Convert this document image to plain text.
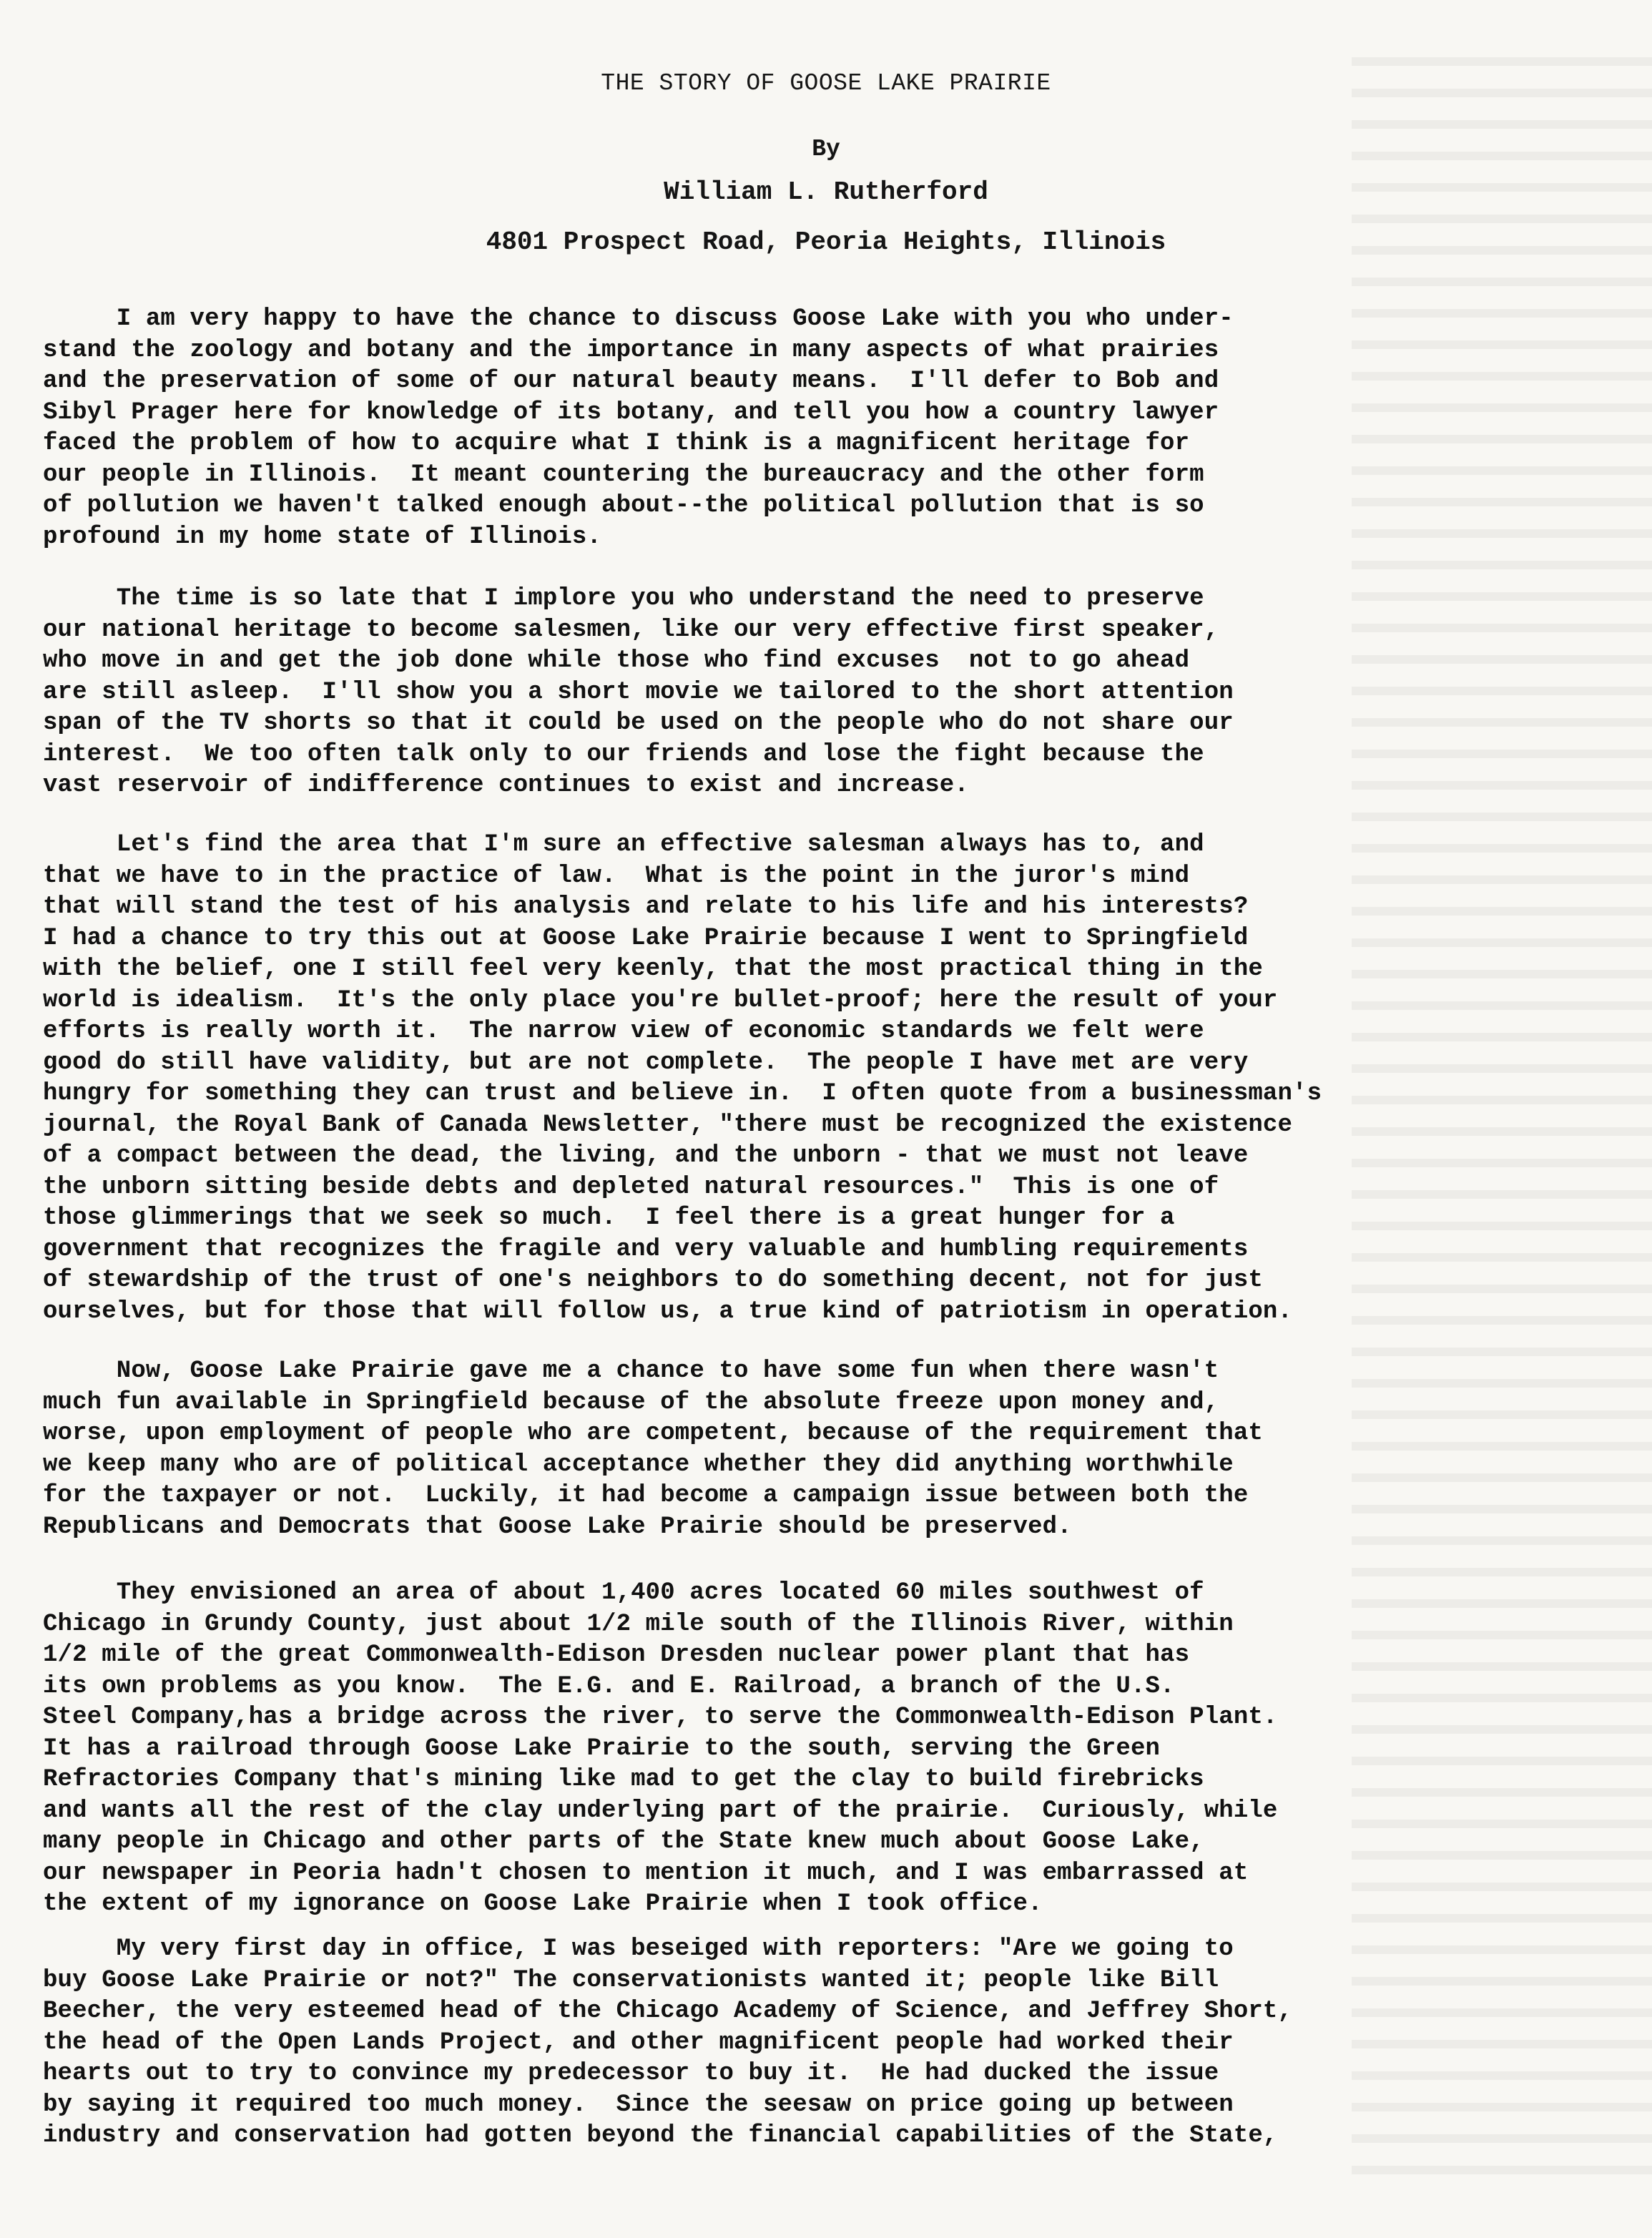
THE STORY OF GOOSE LAKE PRAIRIE
By
William L. Rutherford
4801 Prospect Road, Peoria Heights, Illinois
I am very happy to have the chance to discuss Goose Lake with you who under-
stand the zoology and botany and the importance in many aspects of what prairies
and the preservation of some of our natural beauty means.  I'll defer to Bob and
Sibyl Prager here for knowledge of its botany, and tell you how a country lawyer
faced the problem of how to acquire what I think is a magnificent heritage for
our people in Illinois.  It meant countering the bureaucracy and the other form
of pollution we haven't talked enough about--the political pollution that is so
profound in my home state of Illinois.
The time is so late that I implore you who understand the need to preserve
our national heritage to become salesmen, like our very effective first speaker,
who move in and get the job done while those who find excuses  not to go ahead
are still asleep.  I'll show you a short movie we tailored to the short attention
span of the TV shorts so that it could be used on the people who do not share our
interest.  We too often talk only to our friends and lose the fight because the
vast reservoir of indifference continues to exist and increase.
Let's find the area that I'm sure an effective salesman always has to, and
that we have to in the practice of law.  What is the point in the juror's mind
that will stand the test of his analysis and relate to his life and his interests?
I had a chance to try this out at Goose Lake Prairie because I went to Springfield
with the belief, one I still feel very keenly, that the most practical thing in the
world is idealism.  It's the only place you're bullet-proof; here the result of your
efforts is really worth it.  The narrow view of economic standards we felt were
good do still have validity, but are not complete.  The people I have met are very
hungry for something they can trust and believe in.  I often quote from a businessman's
journal, the Royal Bank of Canada Newsletter, "there must be recognized the existence
of a compact between the dead, the living, and the unborn - that we must not leave
the unborn sitting beside debts and depleted natural resources."  This is one of
those glimmerings that we seek so much.  I feel there is a great hunger for a
government that recognizes the fragile and very valuable and humbling requirements
of stewardship of the trust of one's neighbors to do something decent, not for just
ourselves, but for those that will follow us, a true kind of patriotism in operation.
Now, Goose Lake Prairie gave me a chance to have some fun when there wasn't
much fun available in Springfield because of the absolute freeze upon money and,
worse, upon employment of people who are competent, because of the requirement that
we keep many who are of political acceptance whether they did anything worthwhile
for the taxpayer or not.  Luckily, it had become a campaign issue between both the
Republicans and Democrats that Goose Lake Prairie should be preserved.
They envisioned an area of about 1,400 acres located 60 miles southwest of
Chicago in Grundy County, just about 1/2 mile south of the Illinois River, within
1/2 mile of the great Commonwealth-Edison Dresden nuclear power plant that has
its own problems as you know.  The E.G. and E. Railroad, a branch of the U.S.
Steel Company,has a bridge across the river, to serve the Commonwealth-Edison Plant.
It has a railroad through Goose Lake Prairie to the south, serving the Green
Refractories Company that's mining like mad to get the clay to build firebricks
and wants all the rest of the clay underlying part of the prairie.  Curiously, while
many people in Chicago and other parts of the State knew much about Goose Lake,
our newspaper in Peoria hadn't chosen to mention it much, and I was embarrassed at
the extent of my ignorance on Goose Lake Prairie when I took office.
My very first day in office, I was beseiged with reporters: "Are we going to
buy Goose Lake Prairie or not?" The conservationists wanted it; people like Bill
Beecher, the very esteemed head of the Chicago Academy of Science, and Jeffrey Short,
the head of the Open Lands Project, and other magnificent people had worked their
hearts out to try to convince my predecessor to buy it.  He had ducked the issue
by saying it required too much money.  Since the seesaw on price going up between
industry and conservation had gotten beyond the financial capabilities of the State,
